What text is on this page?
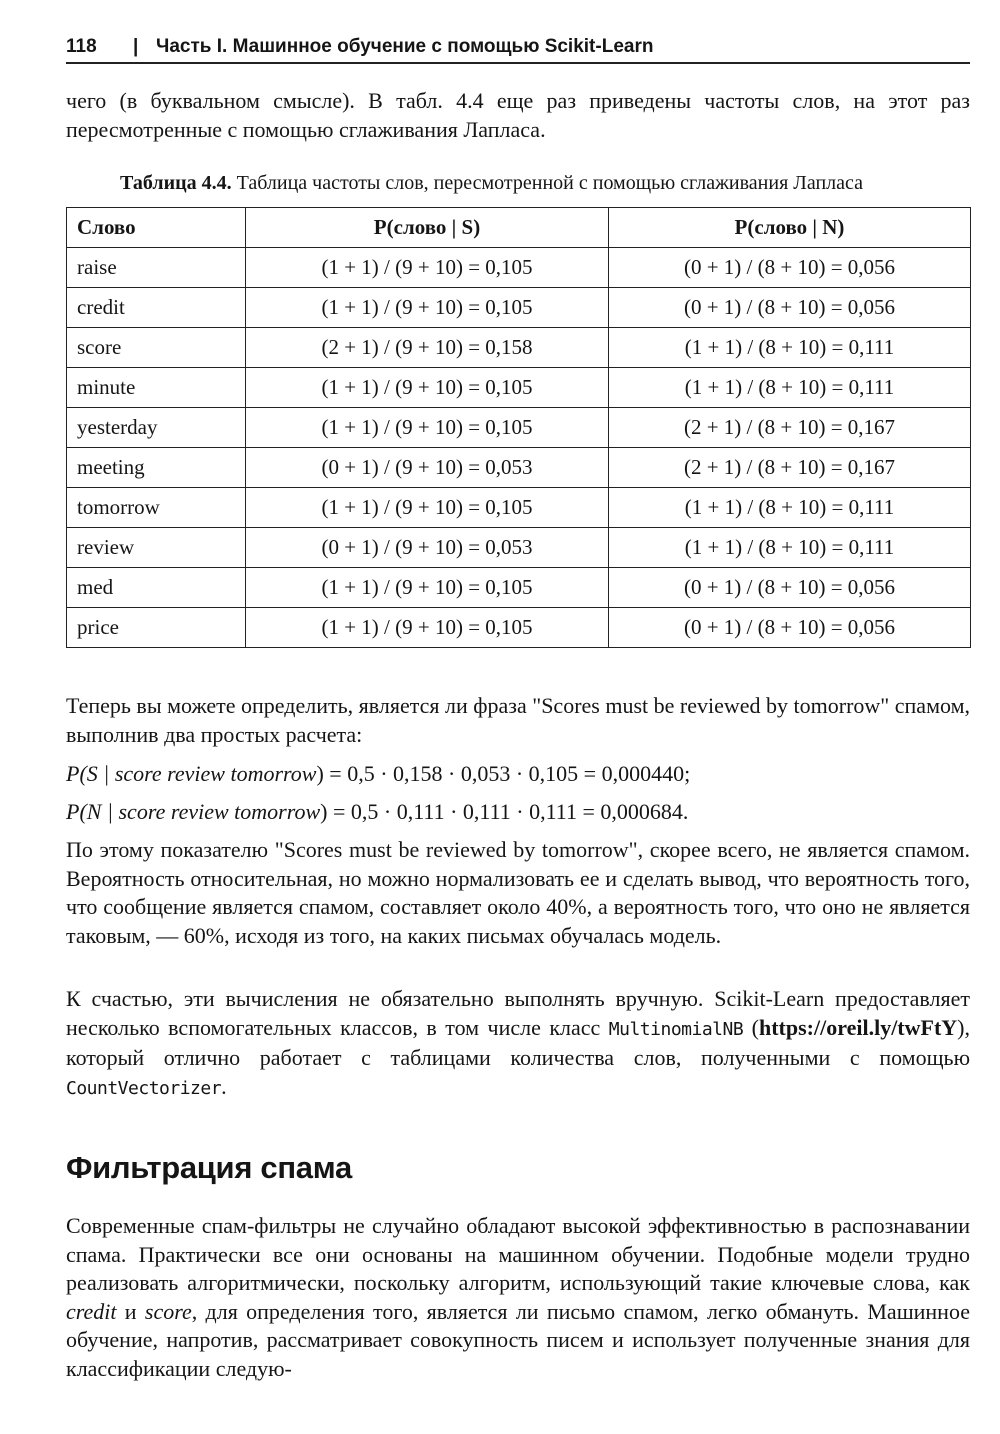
118 | Часть I. Машинное обучение с помощью Scikit-Learn
чего (в буквальном смысле). В табл. 4.4 еще раз приведены частоты слов, на этот раз пересмотренные с помощью сглаживания Лапласа.
Таблица 4.4. Таблица частоты слов, пересмотренной с помощью сглаживания Лапласа
Слово	P(слово | S)	P(слово | N)
raise	(1 + 1) / (9 + 10) = 0,105	(0 + 1) / (8 + 10) = 0,056
credit	(1 + 1) / (9 + 10) = 0,105	(0 + 1) / (8 + 10) = 0,056
score	(2 + 1) / (9 + 10) = 0,158	(1 + 1) / (8 + 10) = 0,111
minute	(1 + 1) / (9 + 10) = 0,105	(1 + 1) / (8 + 10) = 0,111
yesterday	(1 + 1) / (9 + 10) = 0,105	(2 + 1) / (8 + 10) = 0,167
meeting	(0 + 1) / (9 + 10) = 0,053	(2 + 1) / (8 + 10) = 0,167
tomorrow	(1 + 1) / (9 + 10) = 0,105	(1 + 1) / (8 + 10) = 0,111
review	(0 + 1) / (9 + 10) = 0,053	(1 + 1) / (8 + 10) = 0,111
med	(1 + 1) / (9 + 10) = 0,105	(0 + 1) / (8 + 10) = 0,056
price	(1 + 1) / (9 + 10) = 0,105	(0 + 1) / (8 + 10) = 0,056
Теперь вы можете определить, является ли фраза "Scores must be reviewed by tomorrow" спамом, выполнив два простых расчета:
P(S | score review tomorrow) = 0,5 · 0,158 · 0,053 · 0,105 = 0,000440;
P(N | score review tomorrow) = 0,5 · 0,111 · 0,111 · 0,111 = 0,000684.
По этому показателю "Scores must be reviewed by tomorrow", скорее всего, не является спамом. Вероятность относительная, но можно нормализовать ее и сделать вывод, что вероятность того, что сообщение является спамом, составляет около 40%, а вероятность того, что оно не является таковым, — 60%, исходя из того, на каких письмах обучалась модель.
К счастью, эти вычисления не обязательно выполнять вручную. Scikit-Learn предоставляет несколько вспомогательных классов, в том числе класс MultinomialNB (https://oreil.ly/twFtY), который отлично работает с таблицами количества слов, полученными с помощью CountVectorizer.
Фильтрация спама
Современные спам-фильтры не случайно обладают высокой эффективностью в распознавании спама. Практически все они основаны на машинном обучении. Подобные модели трудно реализовать алгоритмически, поскольку алгоритм, использующий такие ключевые слова, как credit и score, для определения того, является ли письмо спамом, легко обмануть. Машинное обучение, напротив, рассматривает совокупность писем и использует полученные знания для классификации следую-
